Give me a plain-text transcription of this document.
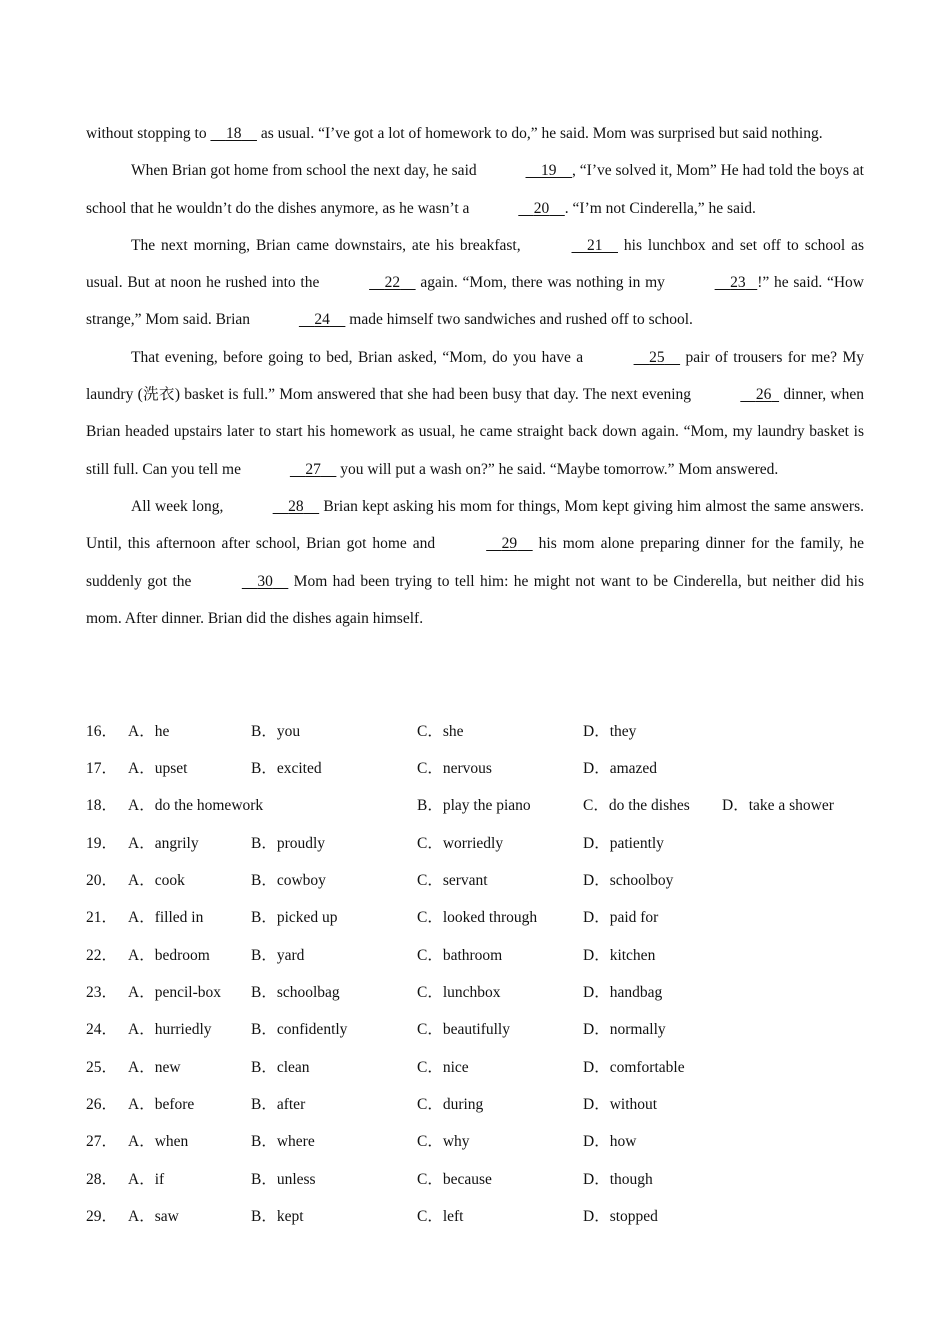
without stopping to     18     as usual. “I’ve got a lot of homework to do,” he said. Mom was surprised but said nothing.

When Brian got home from school the next day, he said	19 , “I’ve solved it, Mom” He had told the boys at school that he wouldn’t do the dishes anymore, as he wasn’t a	20 . “I’m not Cinderella,” he said.

The next morning, Brian came downstairs, ate his breakfast,	21     his lunchbox and set off to school as usual. But at noon he rushed into the	22     again. “Mom, there was nothing in my	23 !” he said. “How strange,” Mom said. Brian	24     made himself two sandwiches and rushed off to school.

That evening, before going to bed, Brian asked, “Mom, do you have a	25     pair of trousers for me? My laundry (洗衣) basket is full.” Mom answered that she had been busy that day. The next evening	26   dinner, when Brian headed upstairs later to start his homework as usual, he came straight back down again. “Mom, my laundry basket is still full. Can you tell me	27     you will put a wash on?” he said. “Maybe tomorrow.” Mom answered.

All week long,	28     Brian kept asking his mom for things, Mom kept giving him almost the same answers. Until, this afternoon after school, Brian got home and	29     his mom alone preparing dinner for the family, he suddenly got the	30     Mom had been trying to tell him: he might not want to be Cinderella, but neither did his mom. After dinner. Brian did the dishes again himself.

16． A．he	B．you	C．she	D．they
17． A．upset	B．excited	C．nervous	D．amazed
18． A．do the homework	B．play the piano	C．do the dishes D．take a shower
19． A．angrily	B．proudly	C．worriedly	D．patiently
20． A．cook	B．cowboy	C．servant	D．schoolboy
21． A．filled in	B．picked up	C．looked through	D．paid for
22． A．bedroom	B．yard	C．bathroom	D．kitchen
23． A．pencil-box B．schoolbag	C．lunchbox	D．handbag
24． A．hurriedly	B．confidently	C．beautifully	D．normally
25． A．new	B．clean	C．nice	D．comfortable
26． A．before	B．after	C．during	D．without
27． A．when	B．where	C．why	D．how
28． A．if	B．unless	C．because	D．though
29． A．saw	B．kept	C．left	D．stopped
